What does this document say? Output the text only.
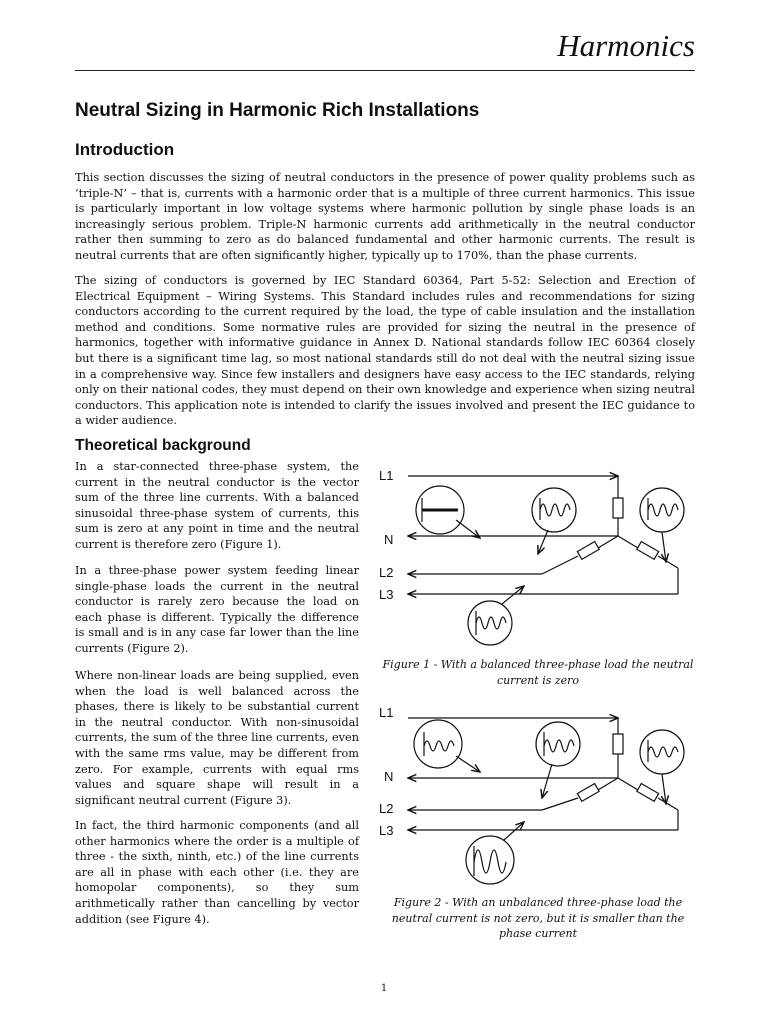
Harmonics
Neutral Sizing in Harmonic Rich Installations
Introduction

This section discusses the sizing of neutral conductors in the presence of power quality problems such as ‘triple-N’ – that is, currents with a harmonic order that is a multiple of three current harmonics. This issue is particularly important in low voltage systems where harmonic pollution by single phase loads is an increasingly serious problem. Triple-N harmonic currents add arithmetically in the neutral conductor rather then summing to zero as do balanced fundamental and other harmonic currents. The result is neutral currents that are often significantly higher, typically up to 170%, than the phase currents.

The sizing of conductors is governed by IEC Standard 60364, Part 5-52: Selection and Erection of Electrical Equipment – Wiring Systems. This Standard includes rules and recommendations for sizing conductors according to the current required by the load, the type of cable insulation and the installation method and conditions. Some normative rules are provided for sizing the neutral in the presence of harmonics, together with informative guidance in Annex D. National standards follow IEC 60364 closely but there is a significant time lag, so most national standards still do not deal with the neutral sizing issue in a comprehensive way. Since few installers and designers have easy access to the IEC standards, relying only on their national codes, they must depend on their own knowledge and experience when sizing neutral conductors. This application note is intended to clarify the issues involved and present the IEC guidance to a wider audience.

Theoretical background

In a star-connected three-phase system, the current in the neutral conductor is the vector sum of the three line currents. With a balanced sinusoidal three-phase system of currents, this sum is zero at any point in time and the neutral current is therefore zero (Figure 1).

In a three-phase power system feeding linear single-phase loads the current in the neutral conductor is rarely zero because the load on each phase is different. Typically the difference is small and is in any case far lower than the line currents (Figure 2).

Where non-linear loads are being supplied, even when the load is well balanced across the phases, there is likely to be substantial current in the neutral conductor. With non-sinusoidal currents, the sum of the three line currents, even with the same rms value, may be different from zero. For example, currents with equal rms values and square shape will result in a significant neutral current (Figure 3).

In fact, the third harmonic components (and all other harmonics where the order is a multiple of three - the sixth, ninth, etc.) of the line currents are all in phase with each other (i.e. they are homopolar components), so they sum arithmetically rather than cancelling by vector addition (see Figure 4).

L1
N
L2
L3
Figure 1 - With a balanced three-phase load the neutral current is zero
L1
N
L2
L3
Figure 2 - With an unbalanced three-phase load the neutral current is not zero, but it is smaller than the phase current
1
